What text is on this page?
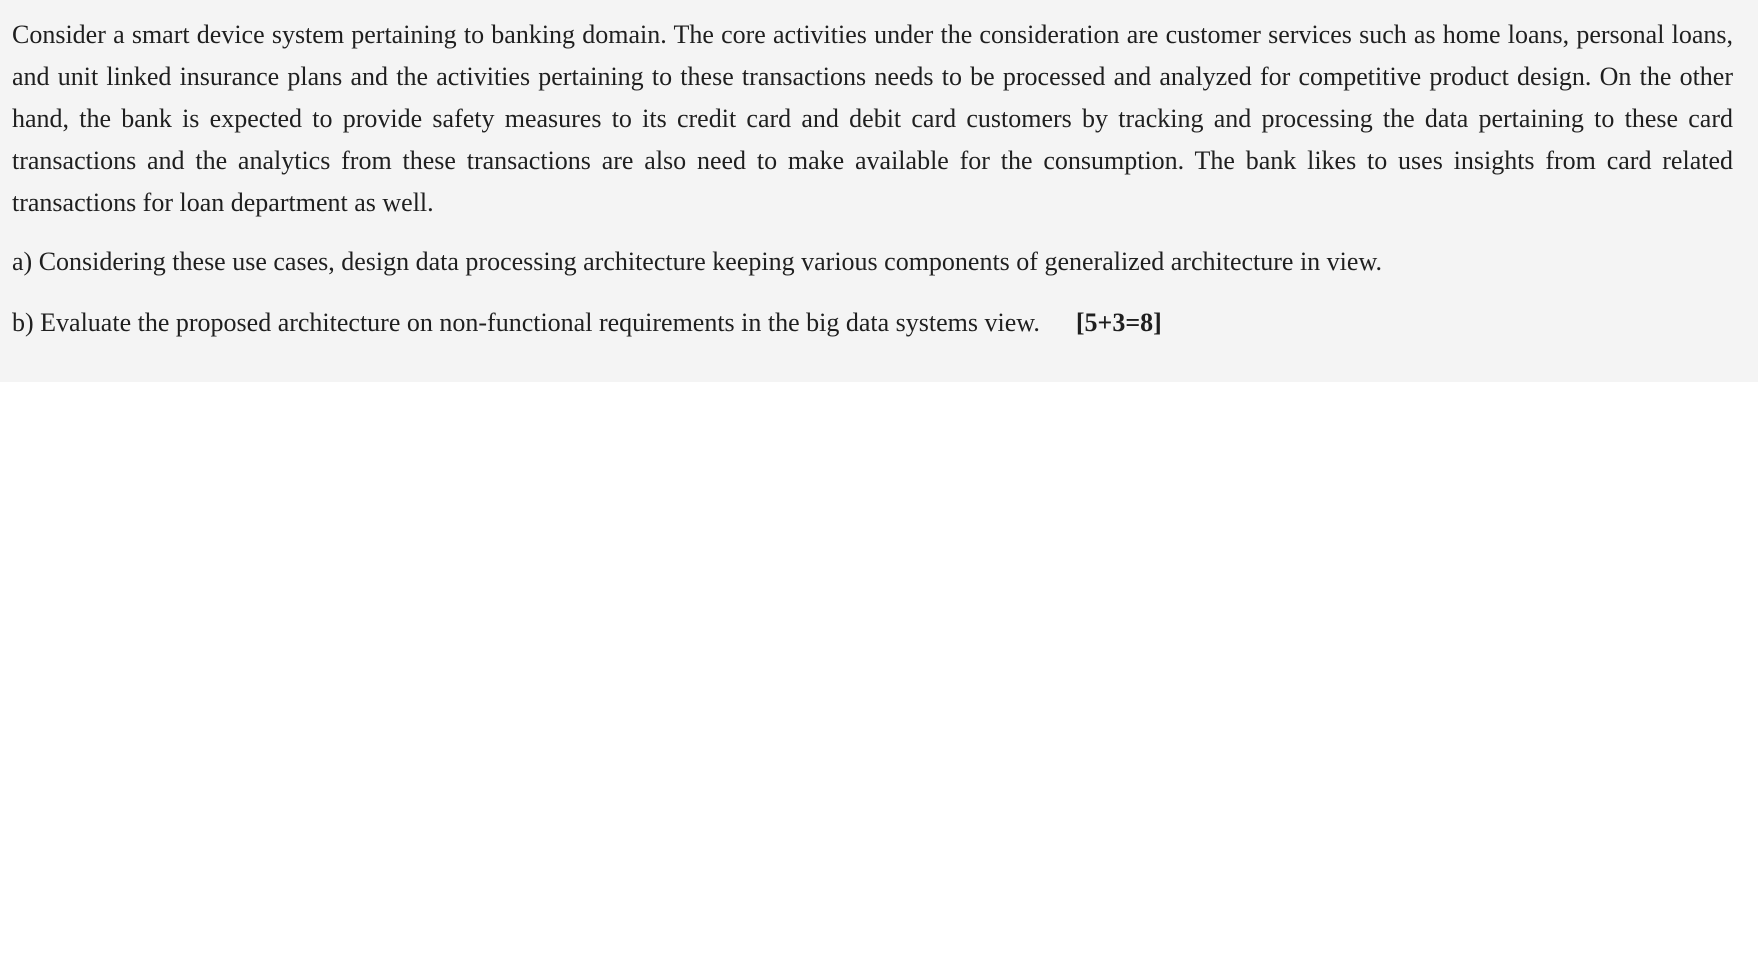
Consider a smart device system pertaining to banking domain. The core activities under the consideration are customer services such as home loans, personal loans, and unit linked insurance plans and the activities pertaining to these transactions needs to be processed and analyzed for competitive product design. On the other hand, the bank is expected to provide safety measures to its credit card and debit card customers by tracking and processing the data pertaining to these card transactions and the analytics from these transactions are also need to make available for the consumption. The bank likes to uses insights from card related transactions for loan department as well.

a) Considering these use cases, design data processing architecture keeping various components of generalized architecture in view.

b) Evaluate the proposed architecture on non-functional requirements in the big data systems view. [5+3=8]
